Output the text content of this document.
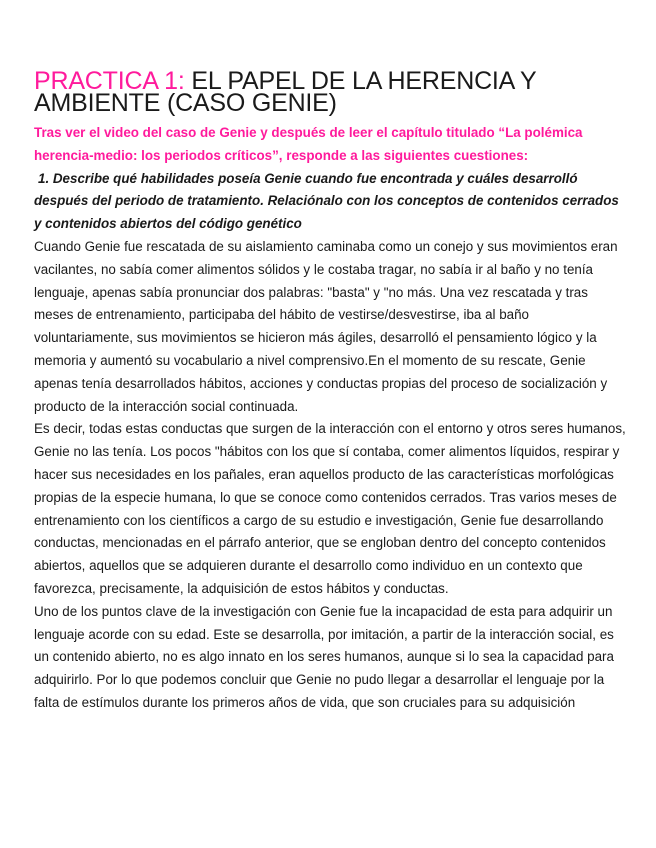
PRACTICA 1: EL PAPEL DE LA HERENCIA Y AMBIENTE (CASO GENIE)

Tras ver el video del caso de Genie y después de leer el capítulo titulado “La polémica herencia-medio: los periodos críticos”, responde a las siguientes cuestiones:

1. Describe qué habilidades poseía Genie cuando fue encontrada y cuáles desarrolló después del periodo de tratamiento. Relaciónalo con los conceptos de contenidos cerrados y contenidos abiertos del código genético

Cuando Genie fue rescatada de su aislamiento caminaba como un conejo y sus movimientos eran vacilantes, no sabía comer alimentos sólidos y le costaba tragar, no sabía ir al baño y no tenía lenguaje, apenas sabía pronunciar dos palabras: "basta" y "no más. Una vez rescatada y tras meses de entrenamiento, participaba del hábito de vestirse/desvestirse, iba al baño voluntariamente, sus movimientos se hicieron más ágiles, desarrolló el pensamiento lógico y la memoria y aumentó su vocabulario a nivel comprensivo.En el momento de su rescate, Genie apenas tenía desarrollados hábitos, acciones y conductas propias del proceso de socialización y producto de la interacción social continuada.

Es decir, todas estas conductas que surgen de la interacción con el entorno y otros seres humanos, Genie no las tenía. Los pocos "hábitos con los que sí contaba, comer alimentos líquidos, respirar y hacer sus necesidades en los pañales, eran aquellos producto de las características morfológicas propias de la especie humana, lo que se conoce como contenidos cerrados. Tras varios meses de entrenamiento con los científicos a cargo de su estudio e investigación, Genie fue desarrollando conductas, mencionadas en el párrafo anterior, que se engloban dentro del concepto contenidos abiertos, aquellos que se adquieren durante el desarrollo como individuo en un contexto que favorezca, precisamente, la adquisición de estos hábitos y conductas.

Uno de los puntos clave de la investigación con Genie fue la incapacidad de esta para adquirir un lenguaje acorde con su edad. Este se desarrolla, por imitación, a partir de la interacción social, es un contenido abierto, no es algo innato en los seres humanos, aunque si lo sea la capacidad para adquirirlo. Por lo que podemos concluir que Genie no pudo llegar a desarrollar el lenguaje por la falta de estímulos durante los primeros años de vida, que son cruciales para su adquisición
